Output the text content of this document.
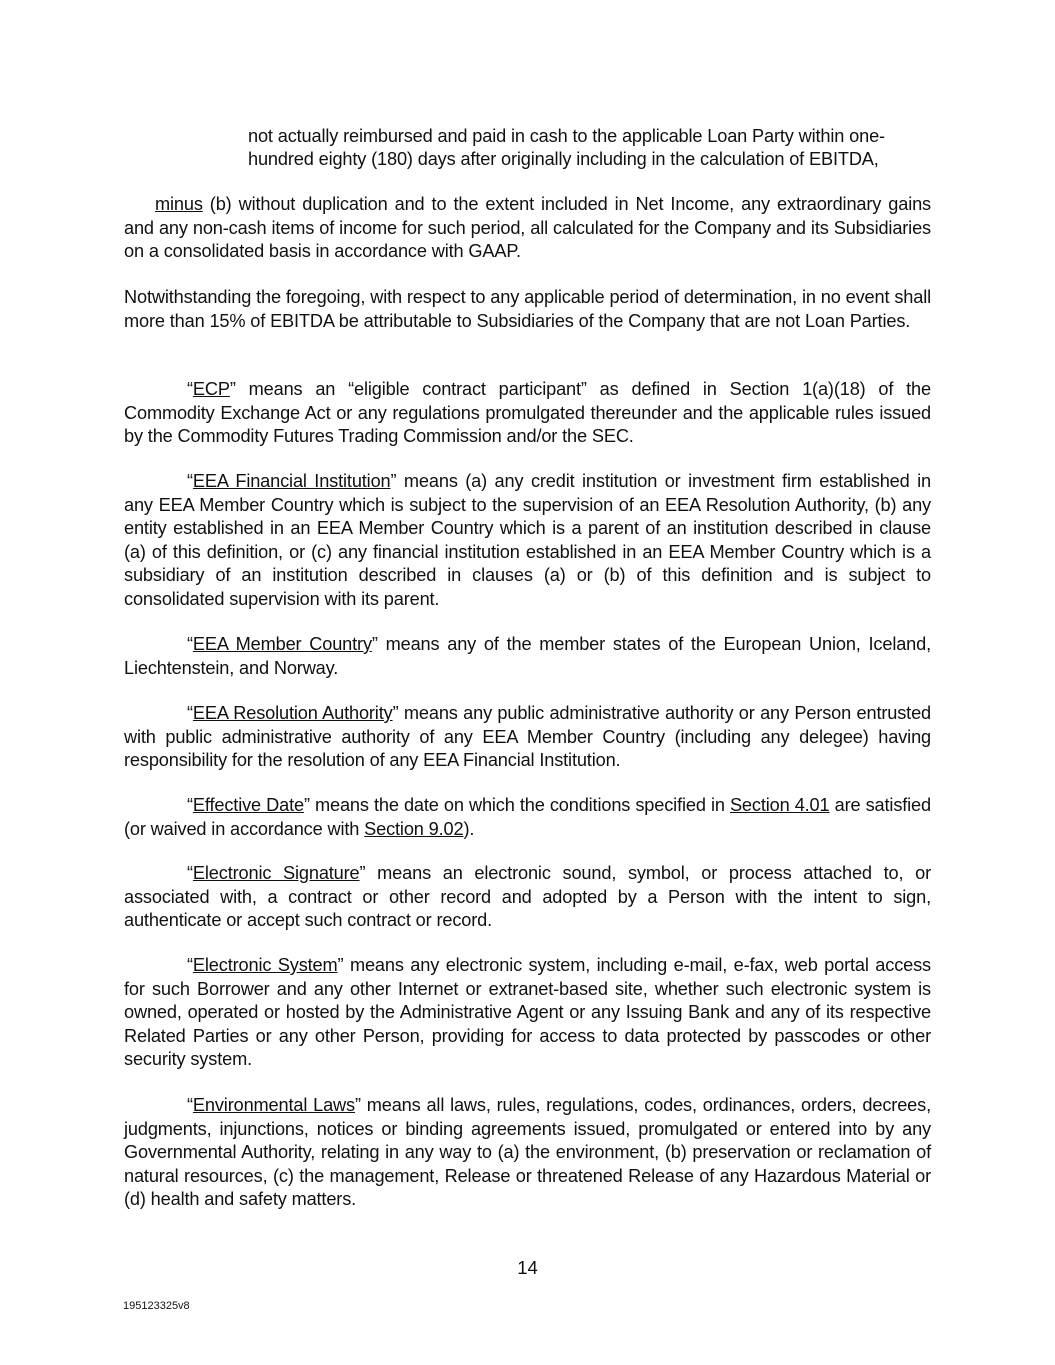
not actually reimbursed and paid in cash to the applicable Loan Party within one-
hundred eighty (180) days after originally including in the calculation of EBITDA,
minus (b) without duplication and to the extent included in Net Income, any extraordinary gains and any non-cash items of income for such period, all calculated for the Company and its Subsidiaries on a consolidated basis in accordance with GAAP.
Notwithstanding the foregoing, with respect to any applicable period of determination, in no event shall more than 15% of EBITDA be attributable to Subsidiaries of the Company that are not Loan Parties.
“ECP” means an “eligible contract participant” as defined in Section 1(a)(18) of the Commodity Exchange Act or any regulations promulgated thereunder and the applicable rules issued by the Commodity Futures Trading Commission and/or the SEC.
“EEA Financial Institution” means (a) any credit institution or investment firm established in any EEA Member Country which is subject to the supervision of an EEA Resolution Authority, (b) any entity established in an EEA Member Country which is a parent of an institution described in clause (a) of this definition, or (c) any financial institution established in an EEA Member Country which is a subsidiary of an institution described in clauses (a) or (b) of this definition and is subject to consolidated supervision with its parent.
“EEA Member Country” means any of the member states of the European Union, Iceland, Liechtenstein, and Norway.
“EEA Resolution Authority” means any public administrative authority or any Person entrusted with public administrative authority of any EEA Member Country (including any delegee) having responsibility for the resolution of any EEA Financial Institution.
“Effective Date” means the date on which the conditions specified in Section 4.01 are satisfied (or waived in accordance with Section 9.02).
“Electronic Signature” means an electronic sound, symbol, or process attached to, or associated with, a contract or other record and adopted by a Person with the intent to sign, authenticate or accept such contract or record.
“Electronic System” means any electronic system, including e-mail, e-fax, web portal access for such Borrower and any other Internet or extranet-based site, whether such electronic system is owned, operated or hosted by the Administrative Agent or any Issuing Bank and any of its respective Related Parties or any other Person, providing for access to data protected by passcodes or other security system.
“Environmental Laws” means all laws, rules, regulations, codes, ordinances, orders, decrees, judgments, injunctions, notices or binding agreements issued, promulgated or entered into by any Governmental Authority, relating in any way to (a) the environment, (b) preservation or reclamation of natural resources, (c) the management, Release or threatened Release of any Hazardous Material or (d) health and safety matters.
14
195123325v8
